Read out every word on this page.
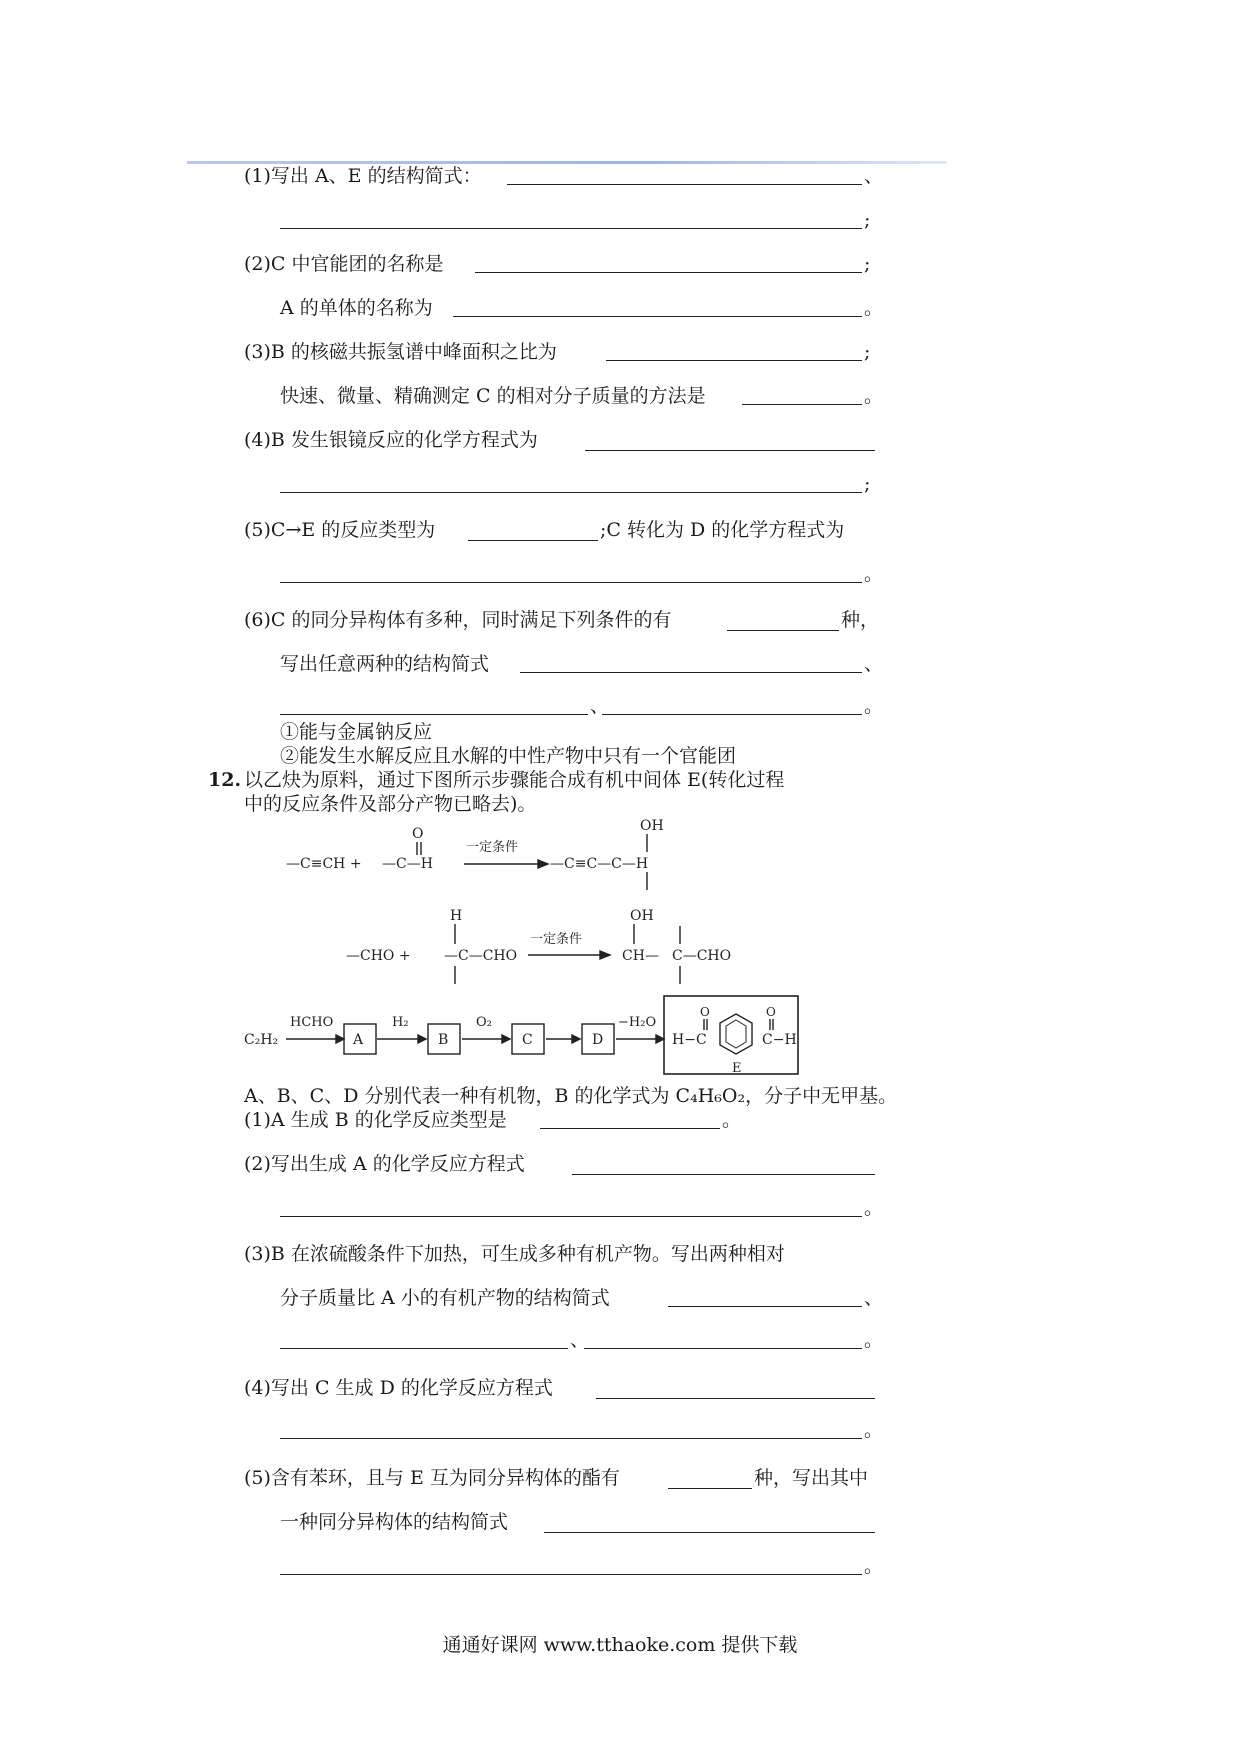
(1)写出 A、E 的结构简式：	、
;
(2)C 中官能团的名称是	;
A 的单体的名称为	。
(3)B 的核磁共振氢谱中峰面积之比为	;
快速、微量、精确测定 C 的相对分子质量的方法是	。
(4)B 发生银镜反应的化学方程式为
;
(5)C→E 的反应类型为	;C 转化为 D 的化学方程式为
。
(6)C 的同分异构体有多种，同时满足下列条件的有	种，
写出任意两种的结构简式	、
、	。
①能与金属钠反应
②能发生水解反应且水解的中性产物中只有一个官能团
12. 以乙炔为原料，通过下图所示步骤能合成有机中间体 E(转化过程
中的反应条件及部分产物已略去)。
—C≡CH +
O
—C—H
一定条件
—C≡C—C—H
OH
—CHO +
H
—C—CHO
一定条件
CH—
OH
C—CHO
C₂H₂
HCHO	H₂	O₂	−H₂O
A	B	C	D	H−C	C−H
O	O
E
A、B、C、D 分别代表一种有机物，B 的化学式为 C₄H₆O₂，分子中无甲基。
(1)A 生成 B 的化学反应类型是	。
(2)写出生成 A 的化学反应方程式
。
(3)B 在浓硫酸条件下加热，可生成多种有机产物。写出两种相对
分子质量比 A 小的有机产物的结构简式	、
、	。
(4)写出 C 生成 D 的化学反应方程式
。
(5)含有苯环，且与 E 互为同分异构体的酯有	种，写出其中
一种同分异构体的结构简式
。
通通好课网 www.tthaoke.com 提供下载
